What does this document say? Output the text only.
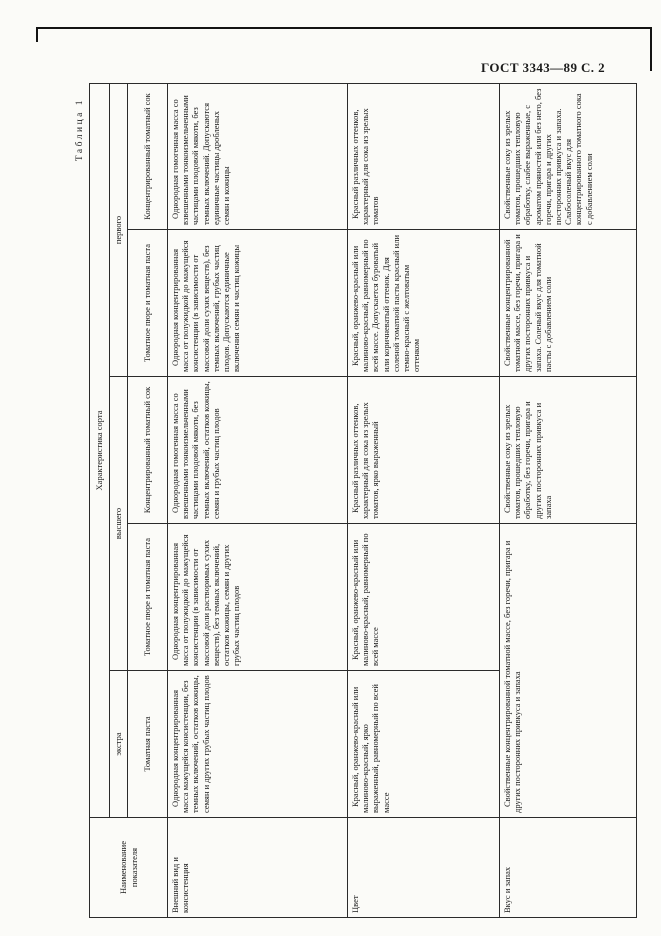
ГОСТ 3343—89 С. 2
Таблица 1
Наименование показателя	Характеристика сорта				
	экстра	высшего		первого	
	Томатная паста	Томатное пюре и томатная паста	Концентрированный томатный сок	Томатное пюре и томатная паста	Концентрированный томатный сок
Внешний вид и консистенция	Однородная концентрированная масса мажущейся консистенции, без темных включений, остатков кожицы, семян и других грубых частиц плодов	Однородная концентрированная масса от полужидкой до мажущейся консистенции (в зависимости от массовой доли растворимых сухих веществ), без темных включений, остатков кожицы, семян и других грубых частиц плодов	Однородная гомогенная масса со взвешенными тонкоизмельченными частицами плодовой мякоти, без темных включений, остатков кожицы, семян и грубых частиц плодов	Однородная концентрированная масса от полужидкой до мажущейся консистенции (в зависимости от массовой доли сухих веществ), без темных включений, грубых частиц плодов. Допускаются единичные включения семян и частиц кожицы	Однородная гомогенная масса со взвешенными тонкоизмельченными частицами плодовой мякоти, без темных включений. Допускаются единичные частицы дробленых семян и кожицы
Цвет	Красный, оранжево-красный или малиново-красный, ярко выраженный, равномерный по всей массе	Красный, оранжево-красный или малиново-красный, равномерный по всей массе	Красный различных оттенков, характерный для сока из зрелых томатов, ярко выраженный	Красный, оранжево-красный или малиново-красный, равномерный по всей массе. Допускается буроватый или коричневатый оттенок. Для соленой томатной пасты красный или темно-красный с желтоватым оттенком	Красный различных оттенков, характерный для сока из зрелых томатов
Вкус и запах	Свойственные концентрированной томатной массе, без горечи, пригара и других посторонних привкуса и запаха		Свойственные соку из зрелых томатов, прошедших тепловую обработку, без горечи, пригара и других посторонних привкуса и запаха	Свойственные концентрированной томатной массе, без горечи, пригара и других посторонних привкуса и запаха. Соленый вкус для томатной пасты с добавлением соли	Свойственные соку из зрелых томатов, прошедших тепловую обработку, слабее выраженные, с ароматом пряностей или без него, без горечи, пригара и других посторонних привкуса и запаха. Слабосоленый вкус для концентрированного томатного сока с добавлением соли
